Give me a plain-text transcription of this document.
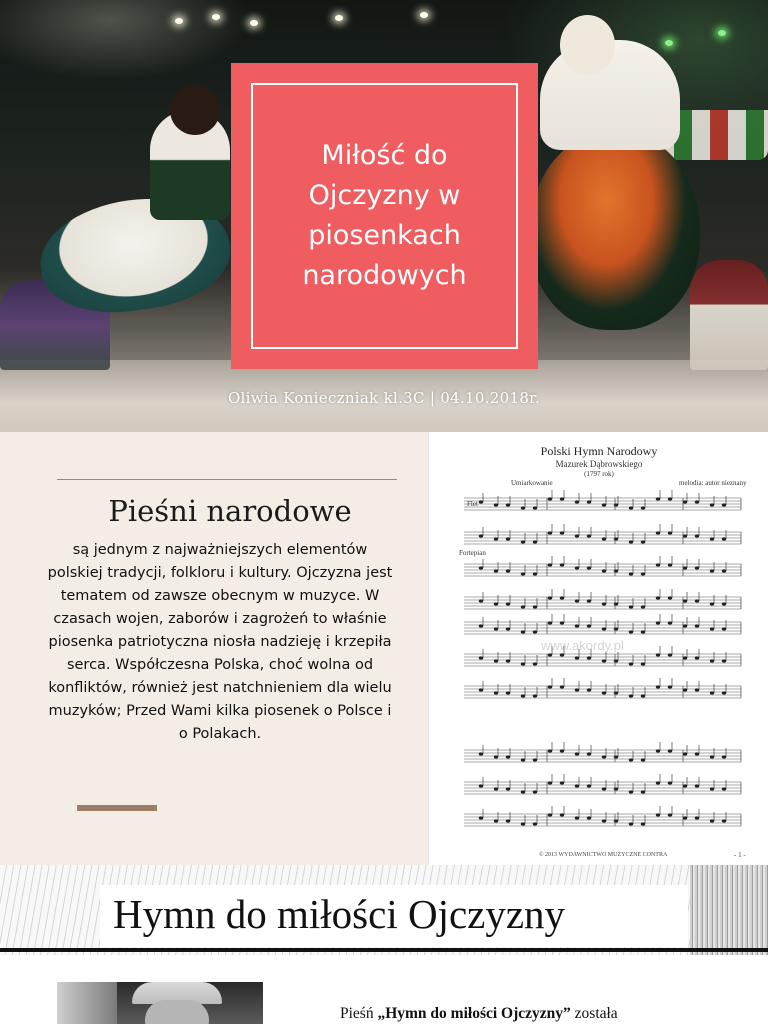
Miłość do Ojczyzny w piosenkach narodowych
Oliwia Konieczniak kl.3C | 04.10.2018r.
Pieśni narodowe
są jednym z najważniejszych elementów polskiej tradycji, folkloru i kultury. Ojczyzna jest tematem od zawsze obecnym w muzyce. W czasach wojen, zaborów i zagrożeń to właśnie piosenka patriotyczna niosła nadzieję i krzepiła serca. Współczesna Polska, choć wolna od konfliktów, również jest natchnieniem dla wielu muzyków; Przed Wami kilka piosenek o Polsce i o Polakach.
Polski Hymn Narodowy
Mazurek Dąbrowskiego
(1797 rok)
Umiarkowanie	melodia: autor nieznany
Flet
Fortepian
www.akordy.pl
© 2013 WYDAWNICTWO MUZYCZNE CONTRA	- 1 -
Hymn do miłości Ojczyzny
Pieśń „Hymn do miłości Ojczyzny” została
